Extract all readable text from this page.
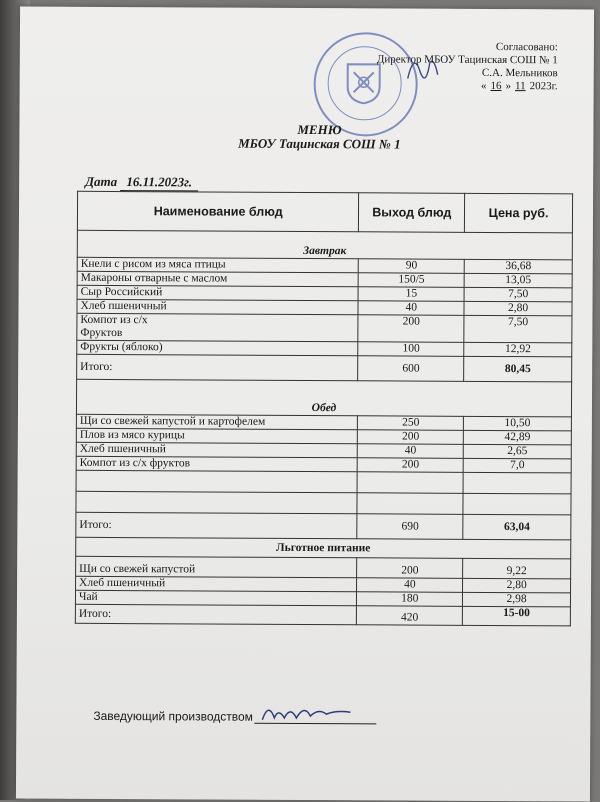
Согласовано:
Директор МБОУ Тацинская СОШ № 1
С.А. Мельников
« 16 » 11 2023г.
МЕНЮ
МБОУ Тацинская СОШ № 1
Дата 16.11.2023г.
Наименование блюд	Выход блюд	Цена руб.
Завтрак		
Кнели с рисом из мяса птицы	90	36,68
Макароны отварные с маслом	150/5	13,05
Сыр Российский	15	7,50
Хлеб пшеничный	40	2,80

Компот из с/х
Фруктов	200	7,50
Фрукты (яблоко)	100	12,92
Итого:	600	80,45
Обед		
Щи со свежей капустой и картофелем	250	10,50
Плов из мясо курицы	200	42,89
Хлеб пшеничный	40	2,65
Компот из с/х фруктов	200	7,0

Итого:	690	63,04
Льготное питание		
Щи со свежей капустой	200	9,22
Хлеб пшеничный	40	2,80
Чай	180	2,98
Итого:	420	15-00
Заведующий производством
